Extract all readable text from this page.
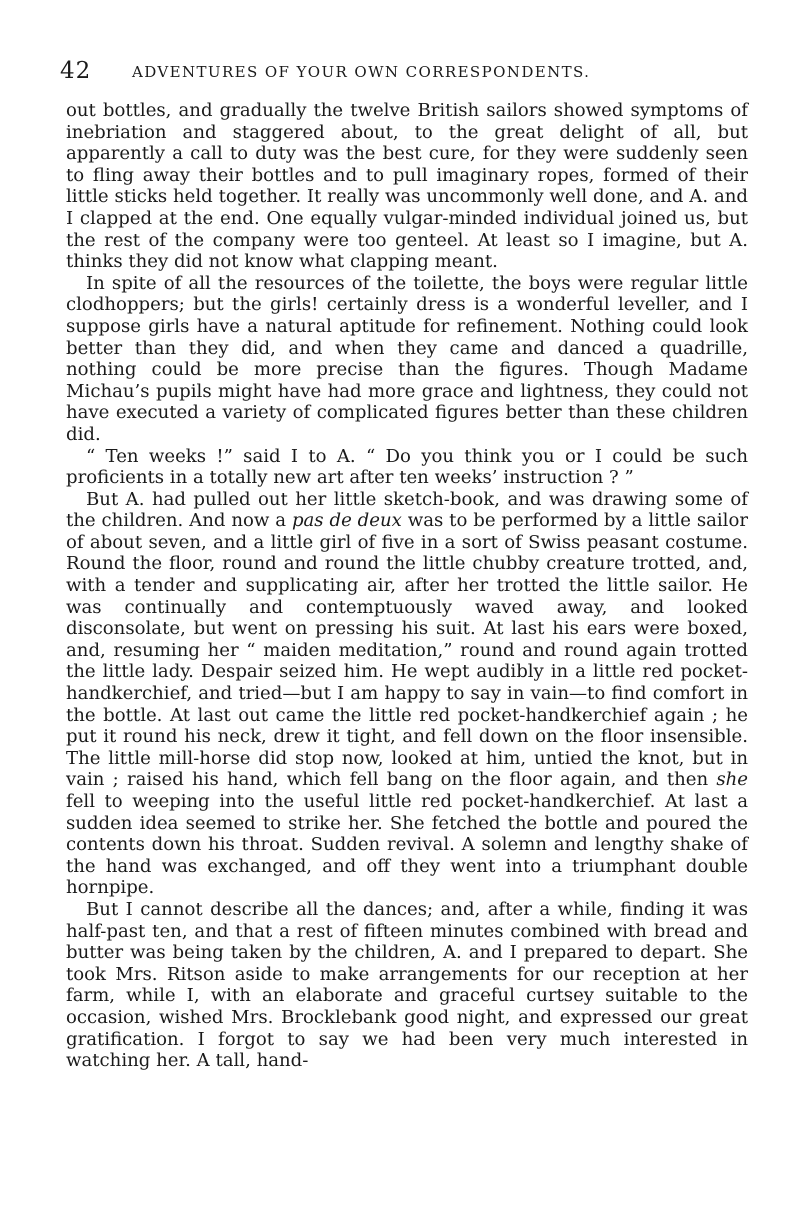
42	ADVENTURES OF YOUR OWN CORRESPONDENTS.

out bottles, and gradually the twelve British sailors showed symptoms of inebriation and staggered about, to the great delight of all, but apparently a call to duty was the best cure, for they were suddenly seen to fling away their bottles and to pull imaginary ropes, formed of their little sticks held together. It really was uncommonly well done, and A. and I clapped at the end. One equally vulgar-minded individual joined us, but the rest of the company were too genteel. At least so I imagine, but A. thinks they did not know what clapping meant.

In spite of all the resources of the toilette, the boys were regular little clodhoppers; but the girls! certainly dress is a wonderful leveller, and I suppose girls have a natural aptitude for refinement. Nothing could look better than they did, and when they came and danced a quadrille, nothing could be more precise than the figures. Though Madame Michau’s pupils might have had more grace and lightness, they could not have executed a variety of complicated figures better than these children did.

“ Ten weeks !” said I to A. “ Do you think you or I could be such proficients in a totally new art after ten weeks’ instruction ? ”

But A. had pulled out her little sketch-book, and was drawing some of the children. And now a pas de deux was to be performed by a little sailor of about seven, and a little girl of five in a sort of Swiss peasant costume. Round the floor, round and round the little chubby creature trotted, and, with a tender and supplicating air, after her trotted the little sailor. He was continually and contemptuously waved away, and looked disconsolate, but went on pressing his suit. At last his ears were boxed, and, resuming her “ maiden meditation,” round and round again trotted the little lady. Despair seized him. He wept audibly in a little red pocket-handkerchief, and tried—but I am happy to say in vain—to find comfort in the bottle. At last out came the little red pocket-handkerchief again ; he put it round his neck, drew it tight, and fell down on the floor insensible. The little mill-horse did stop now, looked at him, untied the knot, but in vain ; raised his hand, which fell bang on the floor again, and then she fell to weeping into the useful little red pocket-handkerchief. At last a sudden idea seemed to strike her. She fetched the bottle and poured the contents down his throat. Sudden revival. A solemn and lengthy shake of the hand was exchanged, and off they went into a triumphant double hornpipe.

But I cannot describe all the dances; and, after a while, finding it was half-past ten, and that a rest of fifteen minutes combined with bread and butter was being taken by the children, A. and I prepared to depart. She took Mrs. Ritson aside to make arrangements for our reception at her farm, while I, with an elaborate and graceful curtsey suitable to the occasion, wished Mrs. Brocklebank good night, and expressed our great gratification. I forgot to say we had been very much interested in watching her. A tall, hand-
